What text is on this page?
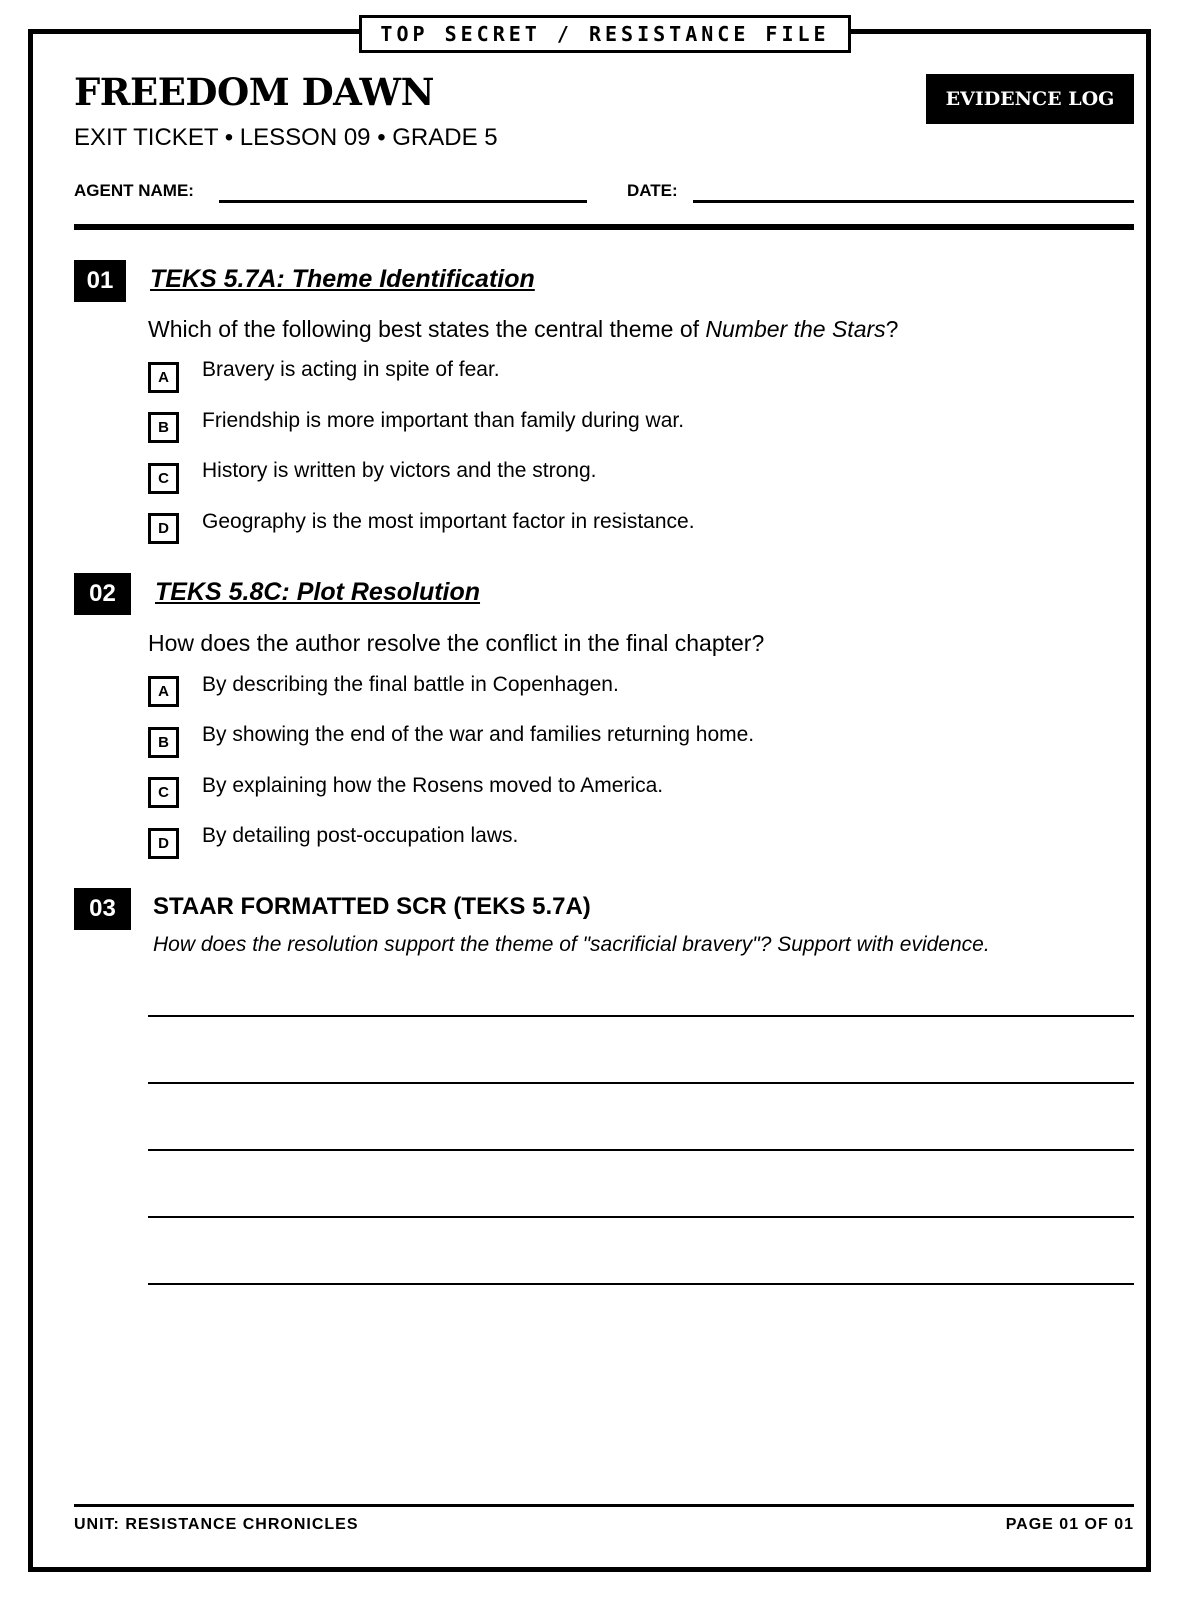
TOP SECRET / RESISTANCE FILE
FREEDOM DAWN
EXIT TICKET • LESSON 09 • GRADE 5
EVIDENCE LOG
AGENT NAME:	DATE:
01	TEKS 5.7A: Theme Identification
Which of the following best states the central theme of Number the Stars?
A	Bravery is acting in spite of fear.
B	Friendship is more important than family during war.
C	History is written by victors and the strong.
D	Geography is the most important factor in resistance.
02	TEKS 5.8C: Plot Resolution
How does the author resolve the conflict in the final chapter?
A	By describing the final battle in Copenhagen.
B	By showing the end of the war and families returning home.
C	By explaining how the Rosens moved to America.
D	By detailing post-occupation laws.
03	STAAR FORMATTED SCR (TEKS 5.7A)
How does the resolution support the theme of "sacrificial bravery"? Support with evidence.
UNIT: RESISTANCE CHRONICLES	PAGE 01 OF 01
